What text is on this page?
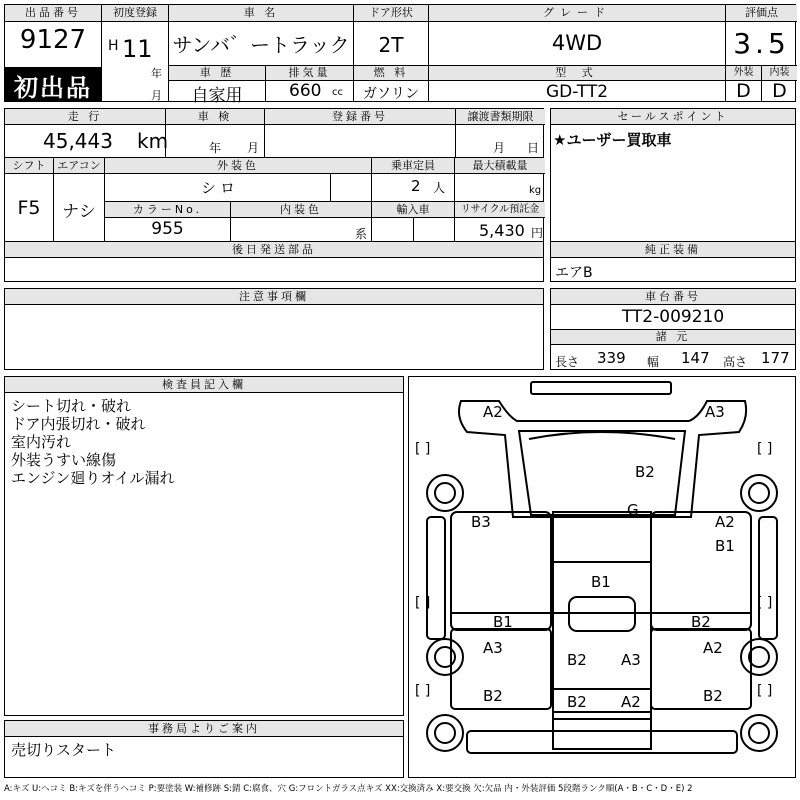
出品番号
9127
初出品
初度登録
H 11
年
月
車 名
サンバ゛ートラック
ドア形状
2T
グレード
4WD
評価点
3.5
車 歴
自家用
排気量
660 cc
燃 料
ガソリン
型 式
GD-TT2
外装	内装
D	D
走 行
45,443 km
車 検
年 月
登録番号	譲渡書類期限
月 日
シフト
F5
エアコン
ナシ
外装色
シロ
乗車定員
2 人
最大積載量
kg
カラーNo.
955
内装色
系
輸入車	リサイクル預託金
5,430 円
後日発送部品
セールスポイント
★ユーザー買取車
純正装備
エアB
注意事項欄	車台番号
TT2-009210
諸 元
長さ 339 幅 147 高さ 177
検査員記入欄
シート切れ・破れ
ドア内張切れ・破れ
室内汚れ
外装うすい線傷
エンジン廻りオイル漏れ
事務局よりご案内
売切りスタート
[ ]	[ ]
[ ]	[ ]
[ ]	[ ]
A2	A3
B2
G
B3	A2
B1
B1
B1	B2
A3
B2 A3
A2
B2	B2 A2	B2
A:キズ U:ヘコミ B:キズを伴うヘコミ P:要塗装 W:補修跡 S:錆 C:腐食、穴 G:フロントガラス点キズ XX:交換済み X:要交換 欠:欠品 内・外装評価 5段階ランク順(A・B・C・D・E) 2
